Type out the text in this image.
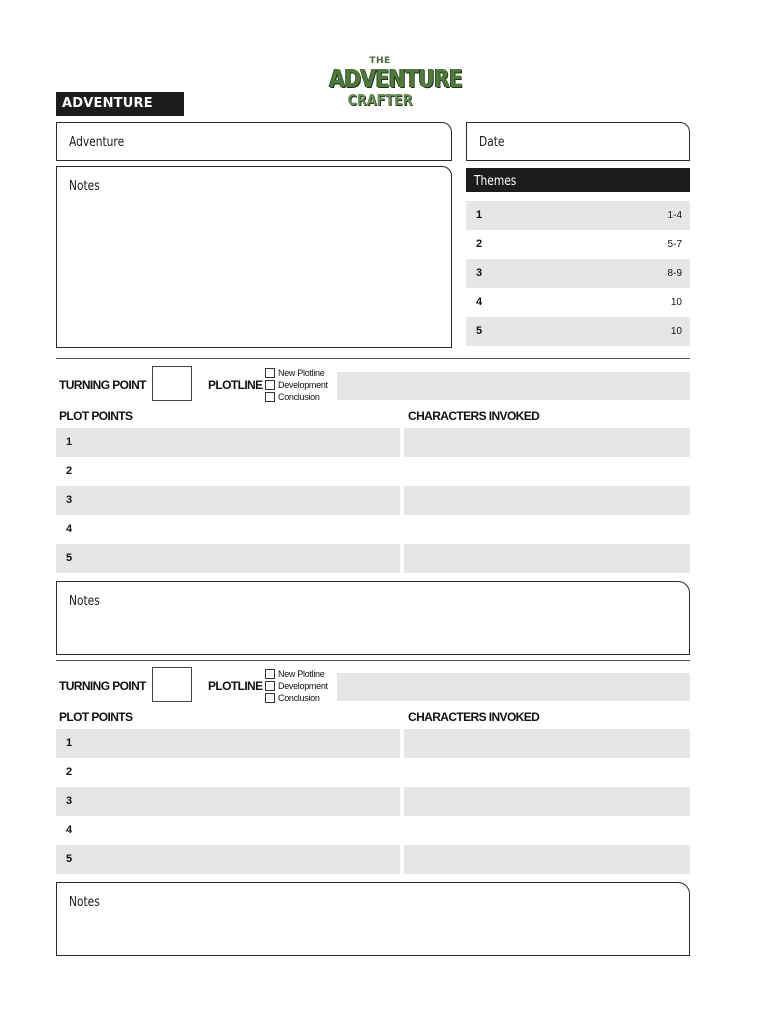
ADVENTURE SHEET
THE
ADVENTURE
CRAFTER
Adventure	Date
Notes	Themes
1	1-4
2	5-7
3	8-9
4	10
5	10
TURNING POINT	PLOTLINE
New Plotline
Development
Conclusion
PLOT POINTS	CHARACTERS INVOKED
1
2
3
4
5
Notes
TURNING POINT	PLOTLINE
New Plotline
Development
Conclusion
PLOT POINTS	CHARACTERS INVOKED
1
2
3
4
5
Notes
